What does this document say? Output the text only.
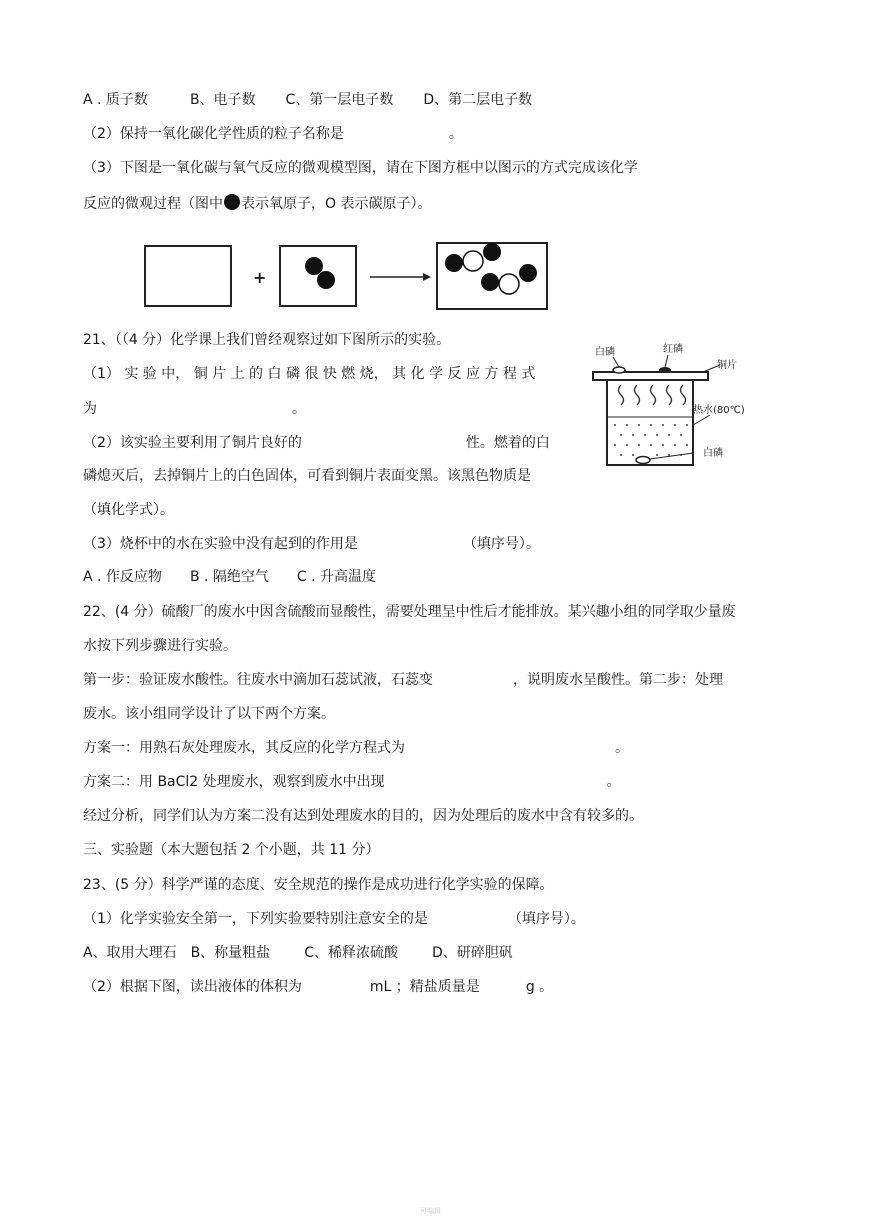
A . 质子数	B、电子数 C、第一层电子数 D、第二层电子数
（2）保持一氧化碳化学性质的粒子名称是	。
（3）下图是一氧化碳与氧气反应的微观模型图，请在下图方框中以图示的方式完成该化学
反应的微观过程（图中 表示氧原子，O 表示碳原子）。
+
21、（（4 分）化学课上我们曾经观察过如下图所示的实验。
（1） 实 验 中， 铜 片 上 的 白 磷 很 快 燃 烧， 其 化 学 反 应 方 程 式
为	。
（2）该实验主要利用了铜片良好的	性。燃着的白
磷熄灭后，去掉铜片上的白色固体，可看到铜片表面变黑。该黑色物质是
（填化学式）。
（3）烧杯中的水在实验中没有起到的作用是	（填序号）。
A . 作反应物 B . 隔绝空气 C . 升高温度
白磷	红磷
铜片
热水(80℃)
白磷
22、(4 分）硫酸厂的废水中因含硫酸而显酸性，需要处理呈中性后才能排放。某兴趣小组的同学取少量废
水按下列步骤进行实验。
第一步：验证废水酸性。往废水中滴加石蕊试液，石蕊变	，说明废水呈酸性。第二步：处理
废水。该小组同学设计了以下两个方案。
方案一：用熟石灰处理废水，其反应的化学方程式为	。
方案二：用 BaCl2 处理废水，观察到废水中出现	。
经过分析，同学们认为方案二没有达到处理废水的目的，因为处理后的废水中含有较多的。
三、实验题（本大题包括 2 个小题，共 11 分）
23、(5 分）科学严谨的态度、安全规范的操作是成功进行化学实验的保障。
（1）化学实验安全第一，下列实验要特别注意安全的是	（填序号）。
A、取用大理石 B、称量粗盐 C、稀释浓硫酸 D、研碎胆矾
（2）根据下图，读出液体的体积为	mL ；精盐质量是	g 。
可编辑
